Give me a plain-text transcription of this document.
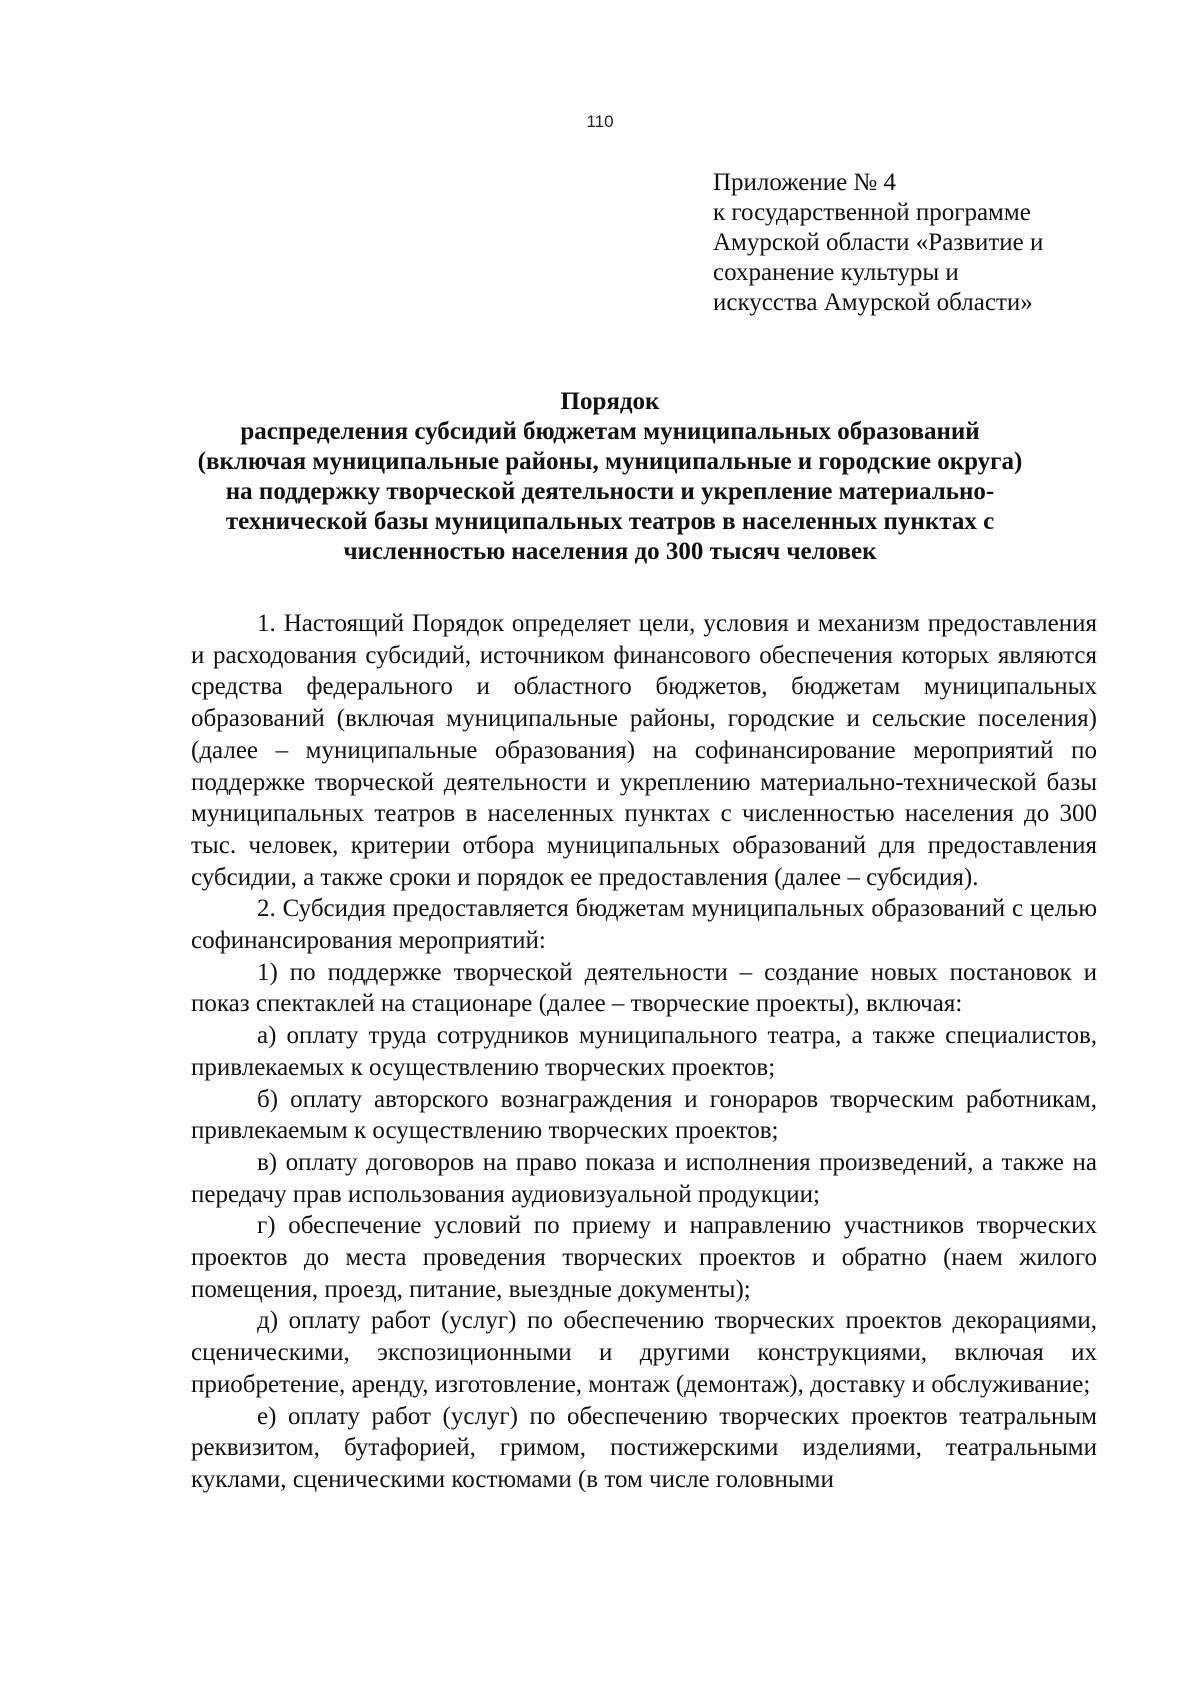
110
Приложение № 4
к государственной программе
Амурской области «Развитие и
сохранение культуры и
искусства Амурской области»
Порядок
распределения субсидий бюджетам муниципальных образований
(включая муниципальные районы, муниципальные и городские округа)
на поддержку творческой деятельности и укрепление материально-
технической базы муниципальных театров в населенных пунктах с
численностью населения до 300 тысяч человек

1. Настоящий Порядок определяет цели, условия и механизм предоставления и расходования субсидий, источником финансового обеспечения которых являются средства федерального и областного бюджетов, бюджетам муниципальных образований (включая муниципальные районы, городские и сельские поселения) (далее – муниципальные образования) на софинансирование мероприятий по поддержке творческой деятельности и укреплению материально-технической базы муниципальных театров в населенных пунктах с численностью населения до 300 тыс. человек, критерии отбора муниципальных образований для предоставления субсидии, а также сроки и порядок ее предоставления (далее – субсидия).

2. Субсидия предоставляется бюджетам муниципальных образований с целью софинансирования мероприятий:

1) по поддержке творческой деятельности – создание новых постановок и показ спектаклей на стационаре (далее – творческие проекты), включая:

а) оплату труда сотрудников муниципального театра, а также специалистов, привлекаемых к осуществлению творческих проектов;

б) оплату авторского вознаграждения и гонораров творческим работникам, привлекаемым к осуществлению творческих проектов;

в) оплату договоров на право показа и исполнения произведений, а также на передачу прав использования аудиовизуальной продукции;

г) обеспечение условий по приему и направлению участников творческих проектов до места проведения творческих проектов и обратно (наем жилого помещения, проезд, питание, выездные документы);

д) оплату работ (услуг) по обеспечению творческих проектов декорациями, сценическими, экспозиционными и другими конструкциями, включая их приобретение, аренду, изготовление, монтаж (демонтаж), доставку и обслуживание;

е) оплату работ (услуг) по обеспечению творческих проектов театральным реквизитом, бутафорией, гримом, постижерскими изделиями, театральными куклами, сценическими костюмами (в том числе головными
